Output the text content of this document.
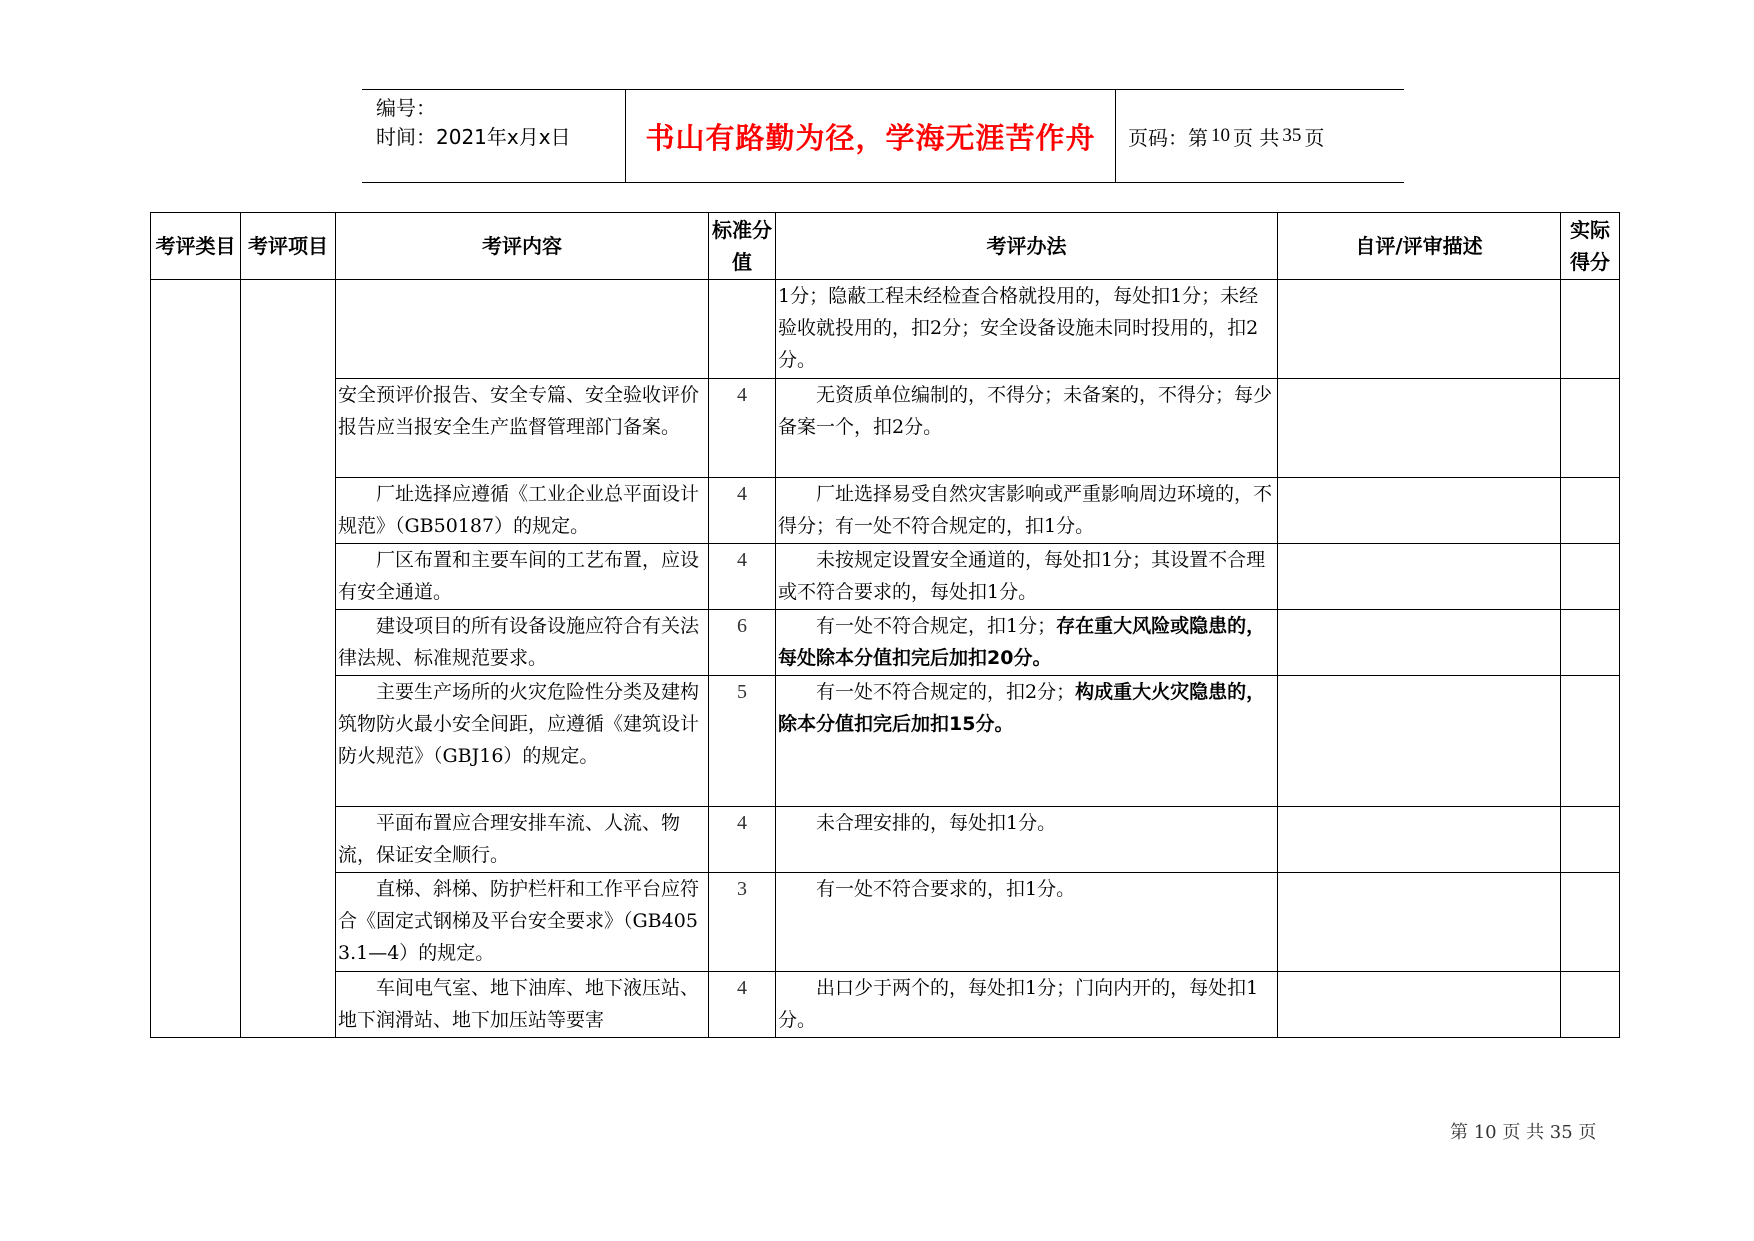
编号：
时间：2021年x月x日	书山有路勤为径，学海无涯苦作舟	页码：第 10 页 共 35 页
考评类目	考评项目	考评内容	标准分值	考评办法	自评/评审描述	实际得分
				1分；隐蔽工程未经检查合格就投用的，每处扣1分；未经验收就投用的，扣2分；安全设备设施未同时投用的，扣2分。		
		安全预评价报告、安全专篇、安全验收评价报告应当报安全生产监督管理部门备案。	4	无资质单位编制的，不得分；未备案的，不得分；每少备案一个，扣2分。		

		厂址选择应遵循《工业企业总平面设计规范》（GB50187）的规定。	4	厂址选择易受自然灾害影响或严重影响周边环境的，不得分；有一处不符合规定的，扣1分。		

		厂区布置和主要车间的工艺布置，应设有安全通道。	4	未按规定设置安全通道的，每处扣1分；其设置不合理或不符合要求的，每处扣1分。		

		建设项目的所有设备设施应符合有关法律法规、标准规范要求。	6	有一处不符合规定，扣1分；存在重大风险或隐患的，每处除本分值扣完后加扣20分。		

		主要生产场所的火灾危险性分类及建构筑物防火最小安全间距，应遵循《建筑设计防火规范》（GBJ16）的规定。	5	有一处不符合规定的，扣2分；构成重大火灾隐患的，除本分值扣完后加扣15分。		

		平面布置应合理安排车流、人流、物流，保证安全顺行。	4	未合理安排的，每处扣1分。		

		直梯、斜梯、防护栏杆和工作平台应符合《固定式钢梯及平台安全要求》（GB4053.1—4）的规定。	3	有一处不符合要求的，扣1分。		

		车间电气室、地下油库、地下液压站、地下润滑站、地下加压站等要害	4	出口少于两个的，每处扣1分；门向内开的，每处扣1分。		

第 10 页 共 35 页
